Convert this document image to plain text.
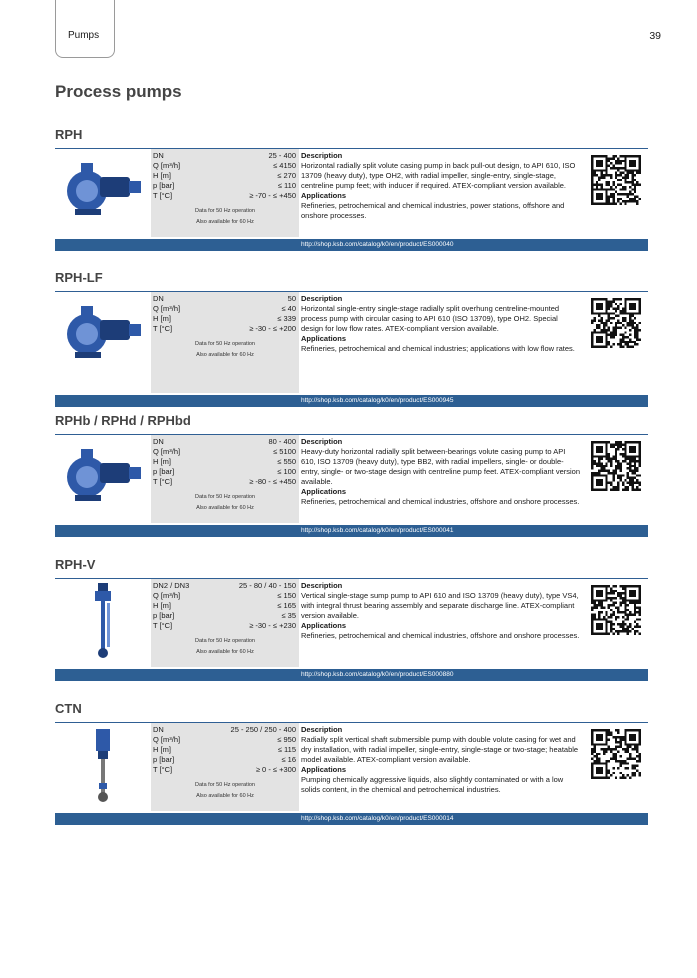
Pumps	39
Process pumps
RPH
DN	25 - 400
Q [m³/h]	≤ 4150
H [m]	≤ 270
p [bar]	≤ 110
T [°C]	≥ -70 - ≤ +450
Data for 50 Hz operation
Also available for 60 Hz
Description
Horizontal radially split volute casing pump in back pull-out design, to API 610, ISO 13709 (heavy duty), type OH2, with radial impeller, single-entry, single-stage, centreline pump feet; with inducer if required. ATEX-compliant version available.
Applications
Refineries, petrochemical and chemical industries, power stations, offshore and onshore processes.
http://shop.ksb.com/catalog/k0/en/product/ES000040
RPH-LF
DN	50
Q [m³/h]	≤ 40
H [m]	≤ 339
T [°C]	≥ -30 - ≤ +200
Data for 50 Hz operation
Also available for 60 Hz
Description
Horizontal single-entry single-stage radially split overhung centreline-mounted process pump with circular casing to API 610 (ISO 13709), type OH2. Special design for low flow rates. ATEX-compliant version available.
Applications
Refineries, petrochemical and chemical industries; applications with low flow rates.
http://shop.ksb.com/catalog/k0/en/product/ES000945
RPHb / RPHd / RPHbd
DN	80 - 400
Q [m³/h]	≤ 5100
H [m]	≤ 550
p [bar]	≤ 100
T [°C]	≥ -80 - ≤ +450
Data for 50 Hz operation
Also available for 60 Hz
Description
Heavy-duty horizontal radially split between-bearings volute casing pump to API 610, ISO 13709 (heavy duty), type BB2, with radial impellers, single- or double-entry, single- or two-stage design with centreline pump feet. ATEX-compliant version available.
Applications
Refineries, petrochemical and chemical industries, offshore and onshore processes.
http://shop.ksb.com/catalog/k0/en/product/ES000041
RPH-V
DN2 / DN3	25 - 80 / 40 - 150
Q [m³/h]	≤ 150
H [m]	≤ 165
p [bar]	≤ 35
T [°C]	≥ -30 - ≤ +230
Data for 50 Hz operation
Also available for 60 Hz
Description
Vertical single-stage sump pump to API 610 and ISO 13709 (heavy duty), type VS4, with integral thrust bearing assembly and separate discharge line. ATEX-compliant version available.
Applications
Refineries, petrochemical and chemical industries, offshore and onshore processes.
http://shop.ksb.com/catalog/k0/en/product/ES000880
CTN
DN	25 - 250 / 250 - 400
Q [m³/h]	≤ 950
H [m]	≤ 115
p [bar]	≤ 16
T [°C]	≥ 0 - ≤ +300
Data for 50 Hz operation
Also available for 60 Hz
Description
Radially split vertical shaft submersible pump with double volute casing for wet and dry installation, with radial impeller, single-entry, single-stage or two-stage; heatable model available. ATEX-compliant version available.
Applications
Pumping chemically aggressive liquids, also slightly contaminated or with a low solids content, in the chemical and petrochemical industries.
http://shop.ksb.com/catalog/k0/en/product/ES000014
